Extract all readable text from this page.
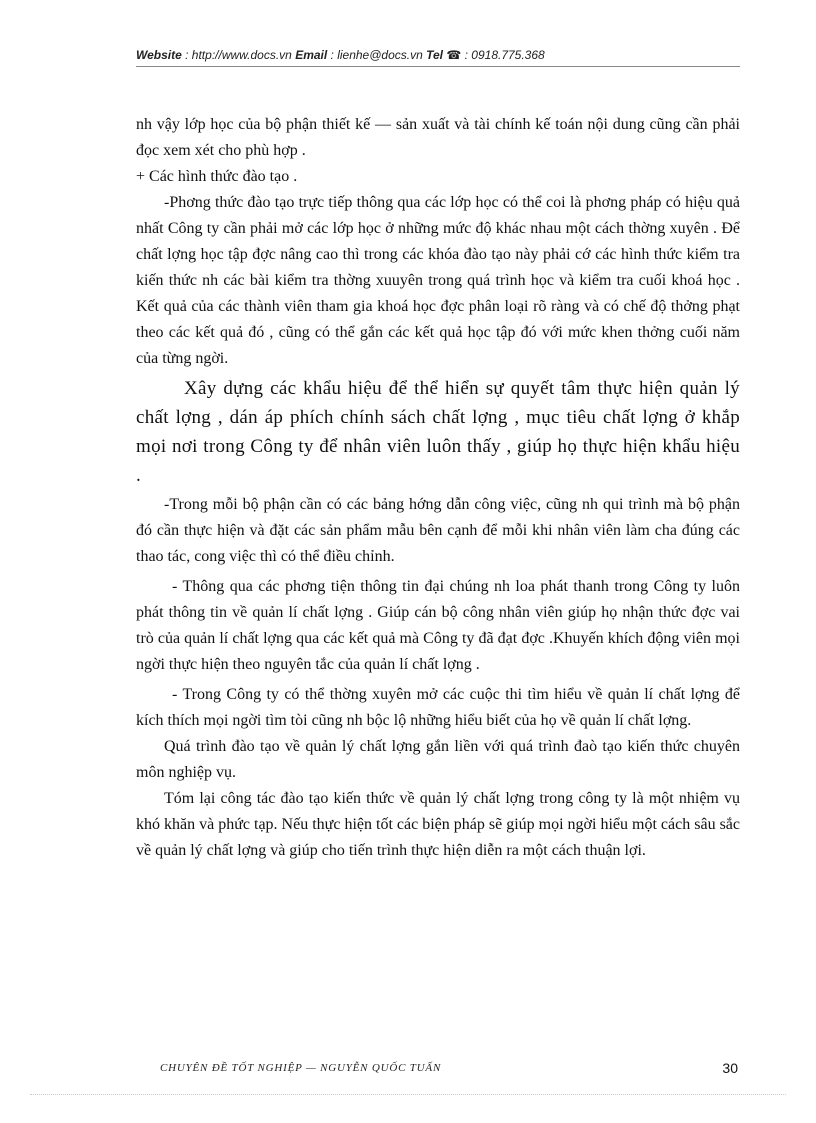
Website : http://www.docs.vn Email : lienhe@docs.vn Tel ☎ : 0918.775.368

nh vậy lớp học của bộ phận thiết kế — sản xuất và tài chính kế toán nội dung cũng cần phải đọc xem xét cho phù hợp .

+ Các hình thức đào tạo .

-Phơng thức đào tạo trực tiếp thông qua các lớp học có thể coi là phơng pháp có hiệu quả nhất Công ty cần phải mở các lớp học ở những mức độ khác nhau một cách thờng xuyên . Để chất lợng học tập đợc nâng cao thì trong các khóa đào tạo này phải cớ các hình thức kiểm tra kiến thức nh các bài kiểm tra thờng xuuyên trong quá trình học và kiểm tra cuối khoá học . Kết quả của các thành viên tham gia khoá học đợc phân loại rõ ràng và có chế độ thởng phạt theo các kết quả đó , cũng có thể gắn các kết quả học tập đó với mức khen thởng cuối năm của từng ngời.

Xây dựng các khẩu hiệu để thể hiển sự quyết tâm thực hiện quản lý chất lợng , dán áp phích chính sách chất lợng , mục tiêu chất lợng ở khắp mọi nơi trong Công ty để nhân viên luôn thấy , giúp họ thực hiện khẩu hiệu .

-Trong mỗi bộ phận cần có các bảng hớng dẫn công việc, cũng nh qui trình mà bộ phận đó cần thực hiện và đặt các sản phẩm mẫu bên cạnh để mỗi khi nhân viên làm cha đúng các thao tác, cong việc thì có thể điều chỉnh.

- Thông qua các phơng tiện thông tin đại chúng nh loa phát thanh trong Công ty luôn phát thông tin về quản lí chất lợng . Giúp cán bộ công nhân viên giúp họ nhận thức đợc vai trò của quản lí chất lợng qua các kết quả mà Công ty đã đạt đợc .Khuyến khích động viên mọi ngời thực hiện theo nguyên tắc của quản lí chất lợng .

- Trong Công ty có thể thờng xuyên mở các cuộc thi tìm hiểu về quản lí chất lợng để kích thích mọi ngời tìm tòi cũng nh bộc lộ những hiểu biết của họ về quản lí chất lợng.

Quá trình đào tạo về quản lý chất lợng gắn liền với quá trình đaò tạo kiến thức chuyên môn nghiệp vụ.

Tóm lại công tác đào tạo kiến thức về quản lý chất lợng trong công ty là một nhiệm vụ khó khăn và phức tạp. Nếu thực hiện tốt các biện pháp sẽ giúp mọi ngời hiểu một cách sâu sắc về quản lý chất lợng và giúp cho tiến trình thực hiện diễn ra một cách thuận lợi.

CHUYÊN ĐỀ TỐT NGHIỆP — NGUYỄN QUỐC TUẤN	30
